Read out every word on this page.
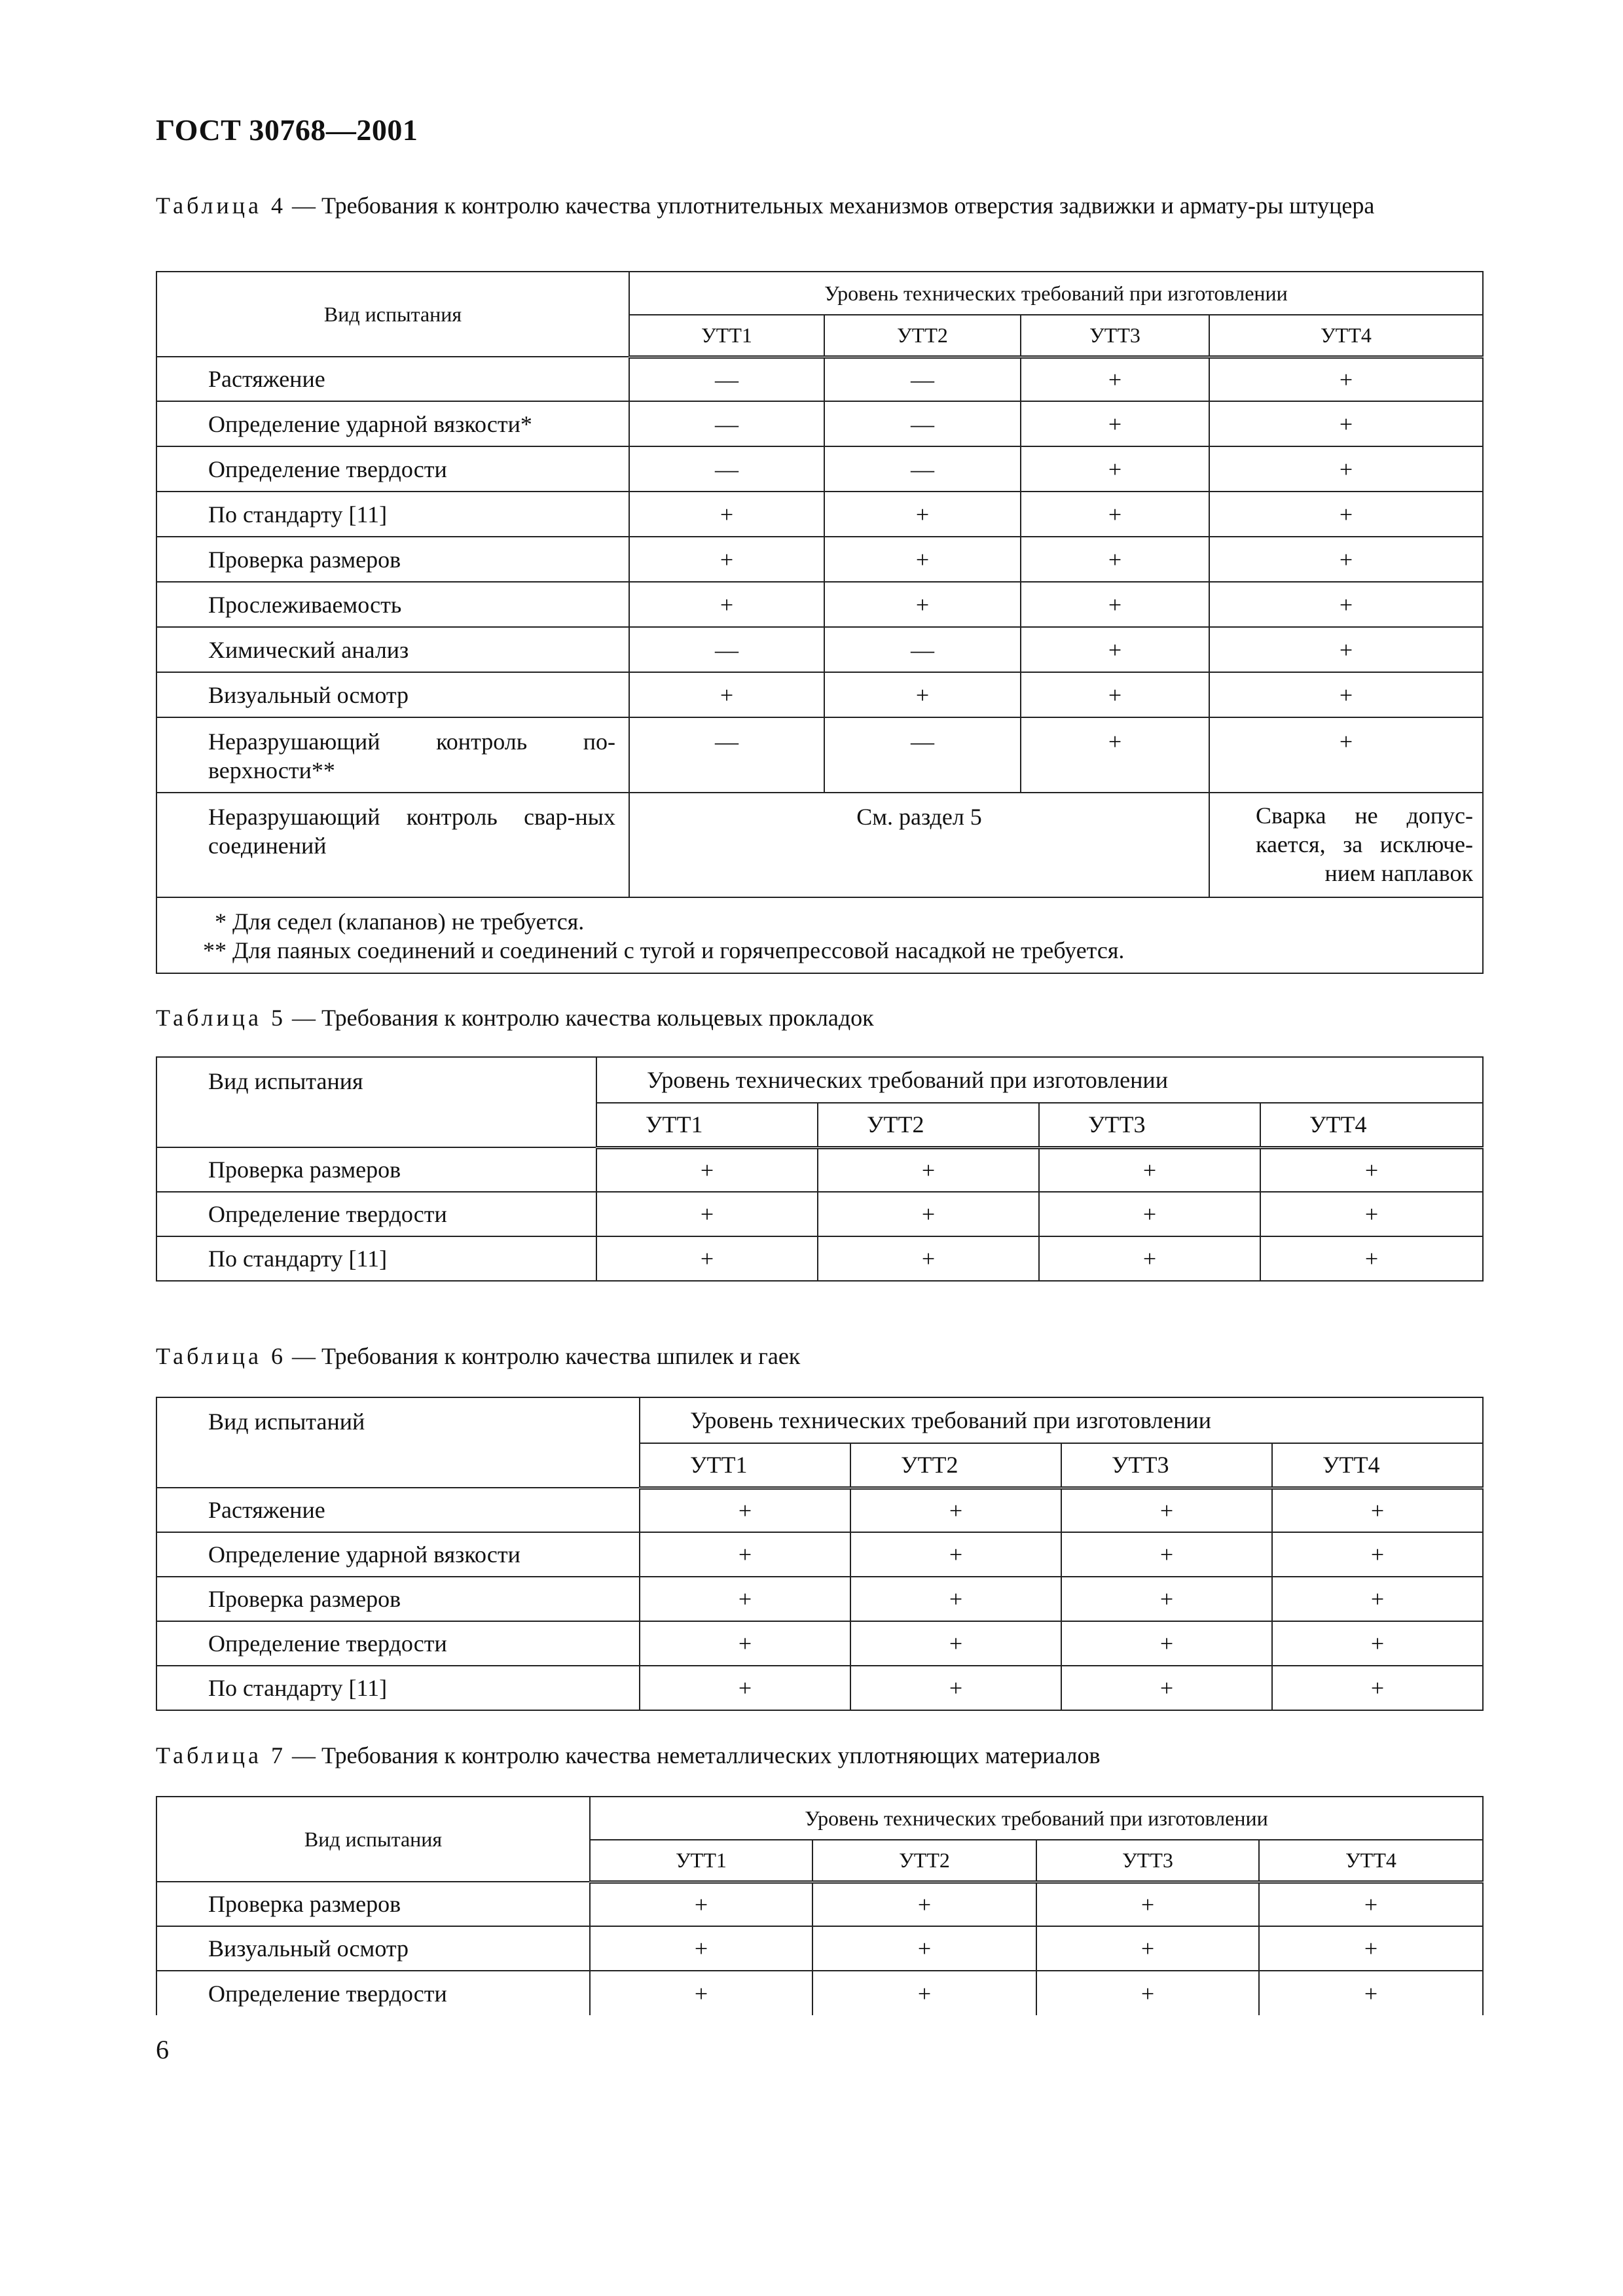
ГОСТ 30768—2001
Таблица 4 — Требования к контролю качества уплотнительных механизмов отверстия задвижки и армату-ры штуцера
Вид испытания	Уровень технических требований при изготовлении			
	УТТ1	УТТ2	УТТ3	УТТ4
Растяжение	—	—	+	+
Определение ударной вязкости*	—	—	+	+
Определение твердости	—	—	+	+
По стандарту [11]	+	+	+	+
Проверка размеров	+	+	+	+
Прослеживаемость	+	+	+	+
Химический анализ	—	—	+	+
Визуальный осмотр	+	+	+	+
Неразрушающий контроль по-верхности**	—	—	+	+
Неразрушающий контроль свар-ных соединений	См. раздел 5			Сварка не допус-кается, за исключе-нием наплавок

* Для седел (клапанов) не требуется.
** Для паяных соединений и соединений с тугой и горячепрессовой насадкой не требуется.				
Таблица 5 — Требования к контролю качества кольцевых прокладок
Вид испытания	Уровень технических требований при изготовлении			
	УТТ1	УТТ2	УТТ3	УТТ4
Проверка размеров	+	+	+	+
Определение твердости	+	+	+	+
По стандарту [11]	+	+	+	+
Таблица 6 — Требования к контролю качества шпилек и гаек
Вид испытаний	Уровень технических требований при изготовлении			
	УТТ1	УТТ2	УТТ3	УТТ4
Растяжение	+	+	+	+
Определение ударной вязкости	+	+	+	+
Проверка размеров	+	+	+	+
Определение твердости	+	+	+	+
По стандарту [11]	+	+	+	+
Таблица 7 — Требования к контролю качества неметаллических уплотняющих материалов
Вид испытания	Уровень технических требований при изготовлении			
	УТТ1	УТТ2	УТТ3	УТТ4
Проверка размеров	+	+	+	+
Визуальный осмотр	+	+	+	+
Определение твердости	+	+	+	+
6
